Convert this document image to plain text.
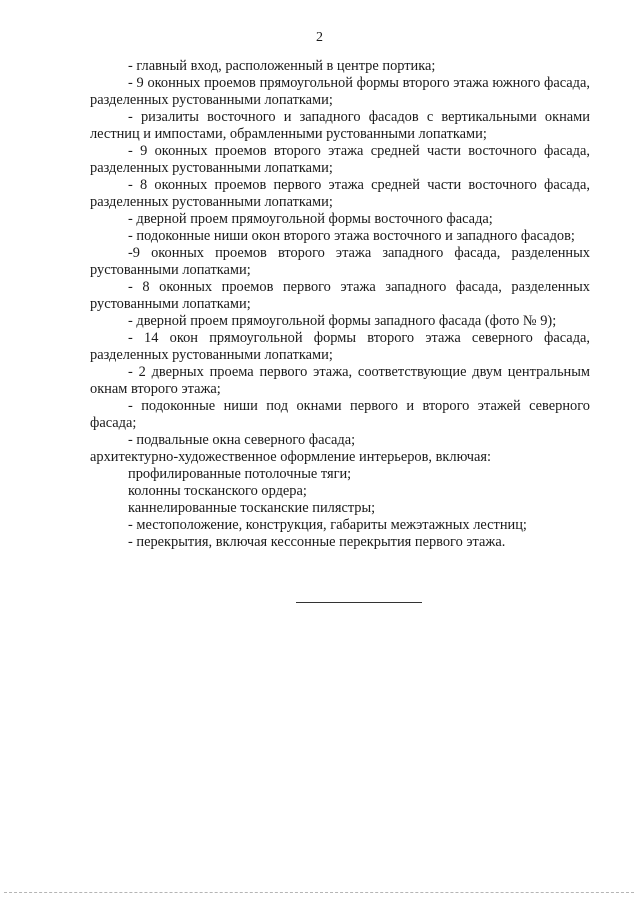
2

- главный вход, расположенный в центре портика;

- 9 оконных проемов прямоугольной формы второго этажа южного фасада, разделенных рустованными лопатками;

- ризалиты восточного и западного фасадов с вертикальными окнами лестниц и импостами, обрамленными рустованными лопатками;

- 9 оконных проемов второго этажа средней части восточного фасада, разделенных рустованными лопатками;

- 8 оконных проемов первого этажа средней части восточного фасада, разделенных рустованными лопатками;

- дверной проем прямоугольной формы восточного фасада;

- подоконные ниши окон второго этажа восточного и западного фасадов;

-9 оконных проемов второго этажа западного фасада, разделенных рустованными лопатками;

- 8 оконных проемов первого этажа западного фасада, разделенных рустованными лопатками;

- дверной проем прямоугольной формы западного фасада (фото № 9);

- 14 окон прямоугольной формы второго этажа северного фасада, разделенных рустованными лопатками;

- 2 дверных проема первого этажа, соответствующие двум центральным окнам второго этажа;

- подоконные ниши под окнами первого и второго этажей северного фасада;

- подвальные окна северного фасада;

архитектурно-художественное оформление интерьеров, включая:

профилированные потолочные тяги;

колонны тосканского ордера;

каннелированные тосканские пилястры;

- местоположение, конструкция, габариты межэтажных лестниц;

- перекрытия, включая кессонные перекрытия первого этажа.
